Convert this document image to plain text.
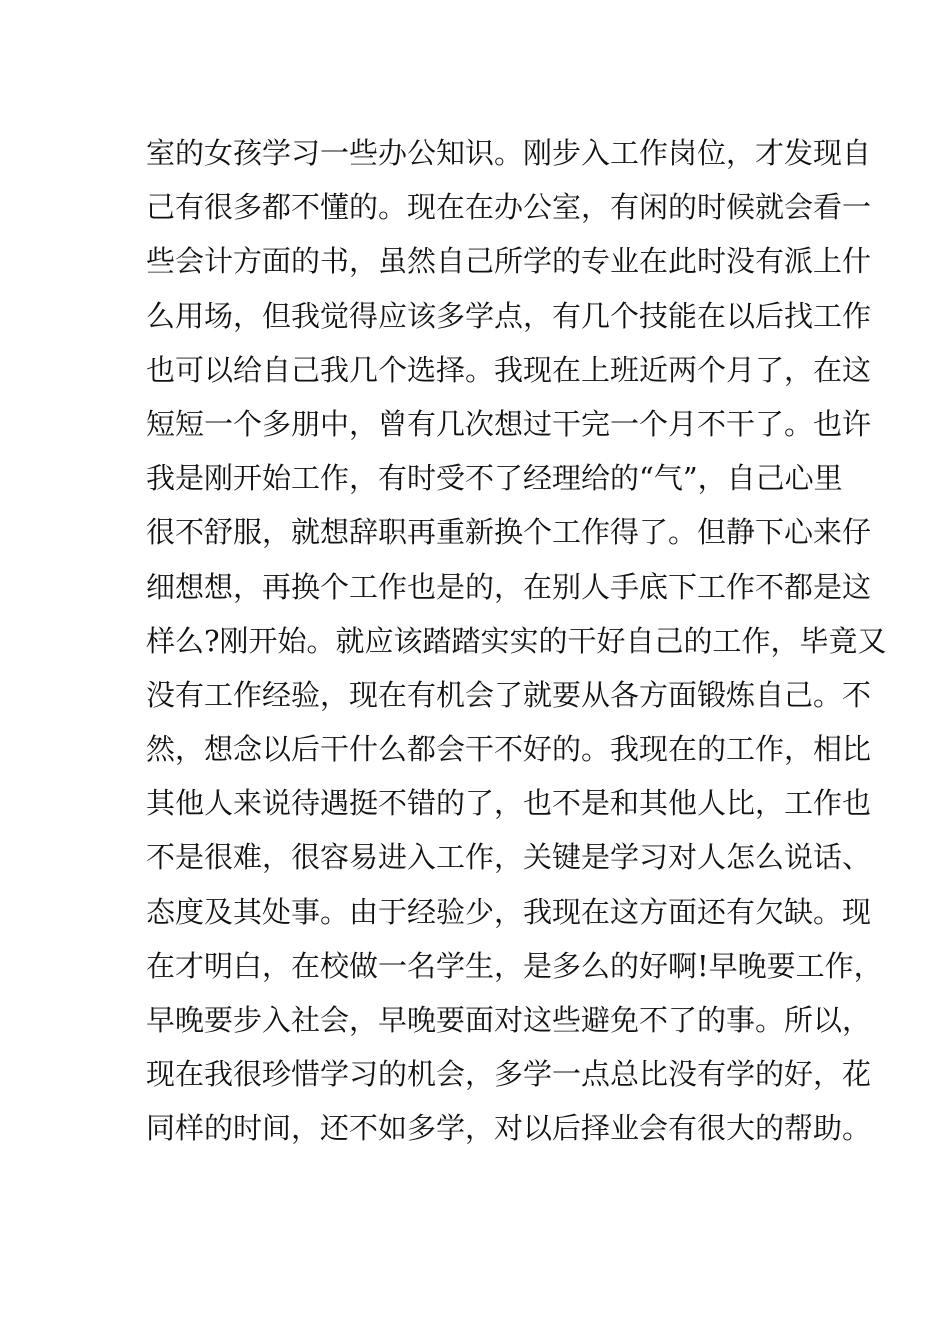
室的女孩学习一些办公知识。刚步入工作岗位，才发现自
己有很多都不懂的。现在在办公室，有闲的时候就会看一
些会计方面的书，虽然自己所学的专业在此时没有派上什
么用场，但我觉得应该多学点，有几个技能在以后找工作
也可以给自己我几个选择。我现在上班近两个月了，在这
短短一个多朋中，曾有几次想过干完一个月不干了。也许
我是刚开始工作，有时受不了经理给的“气”，自己心里
很不舒服，就想辞职再重新换个工作得了。但静下心来仔
细想想，再换个工作也是的，在别人手底下工作不都是这
样么?刚开始。就应该踏踏实实的干好自己的工作，毕竟又
没有工作经验，现在有机会了就要从各方面锻炼自己。不
然，想念以后干什么都会干不好的。我现在的工作，相比
其他人来说待遇挺不错的了，也不是和其他人比，工作也
不是很难，很容易进入工作，关键是学习对人怎么说话、
态度及其处事。由于经验少，我现在这方面还有欠缺。现
在才明白，在校做一名学生，是多么的好啊!早晚要工作，
早晚要步入社会，早晚要面对这些避免不了的事。所以，
现在我很珍惜学习的机会，多学一点总比没有学的好，花
同样的时间，还不如多学，对以后择业会有很大的帮助。
